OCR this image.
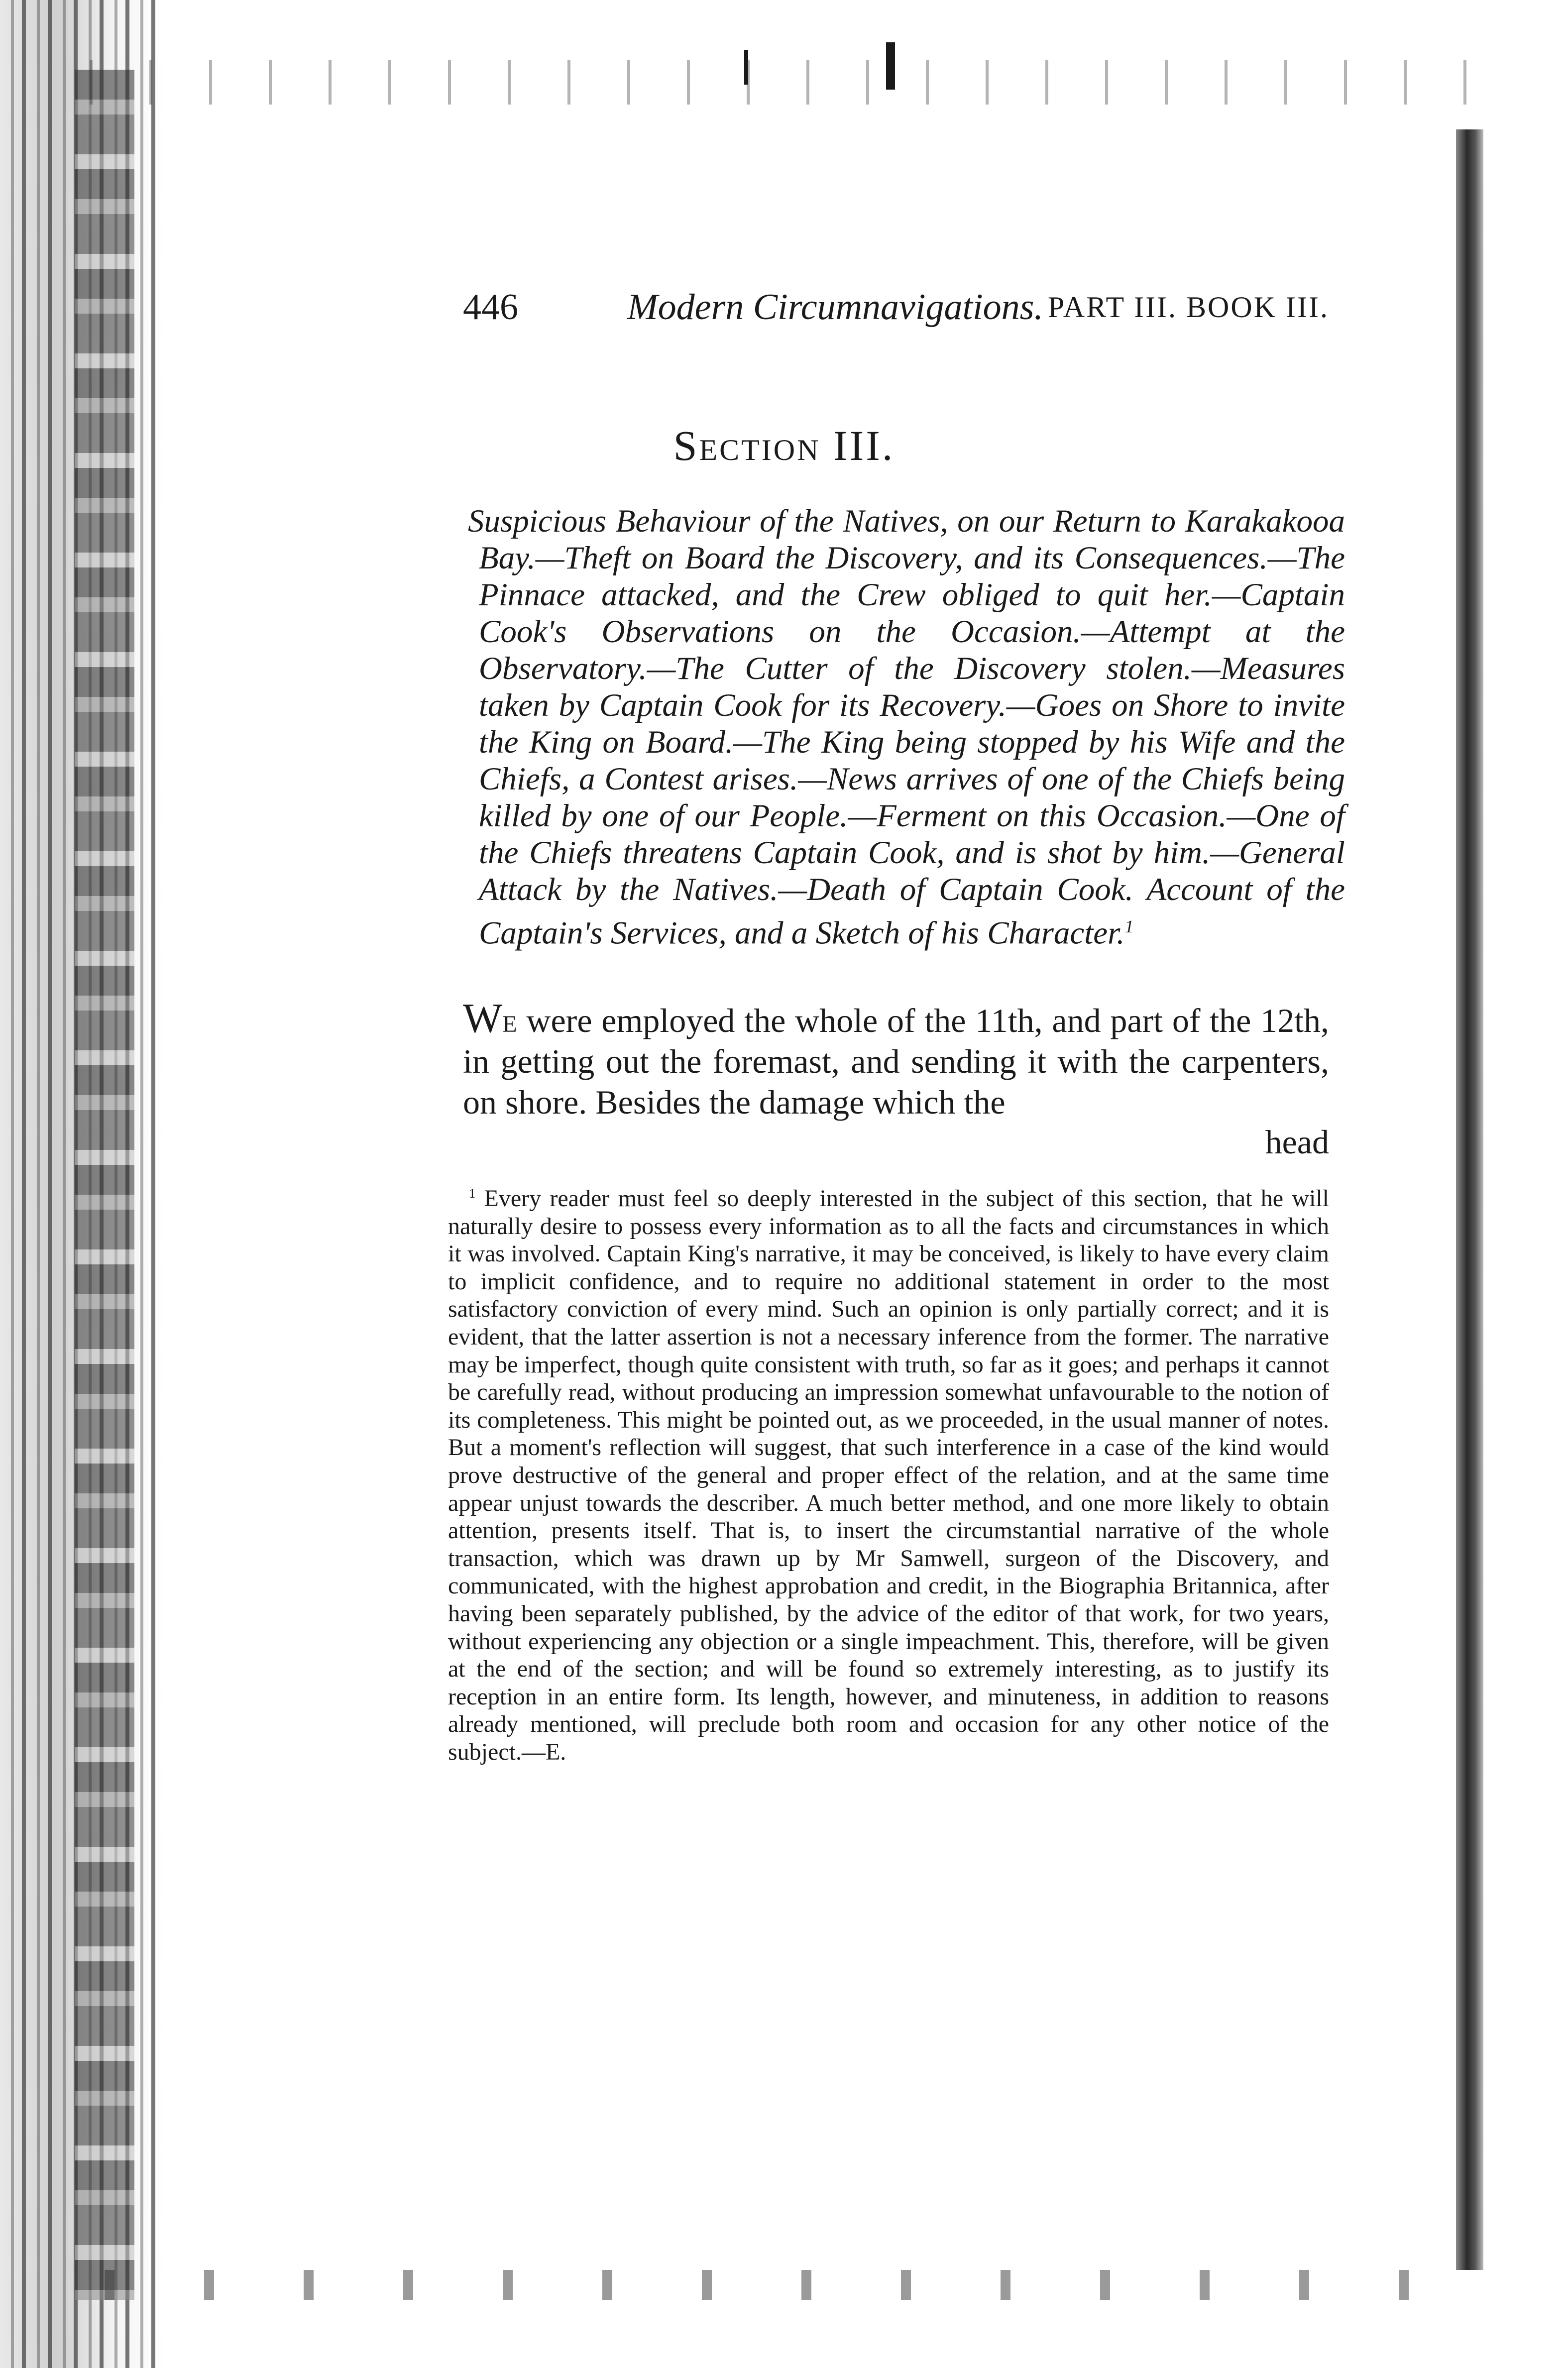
446	Modern Circumnavigations. PART III. BOOK III.
Section III.
Suspicious Behaviour of the Natives, on our Return to Karakakooa Bay.—Theft on Board the Discovery, and its Consequences.—The Pinnace attacked, and the Crew obliged to quit her.—Captain Cook's Observations on the Occasion.—Attempt at the Observatory.—The Cutter of the Discovery stolen.—Measures taken by Captain Cook for its Recovery.—Goes on Shore to invite the King on Board.—The King being stopped by his Wife and the Chiefs, a Contest arises.—News arrives of one of the Chiefs being killed by one of our People.—Ferment on this Occasion.—One of the Chiefs threatens Captain Cook, and is shot by him.—General Attack by the Natives.—Death of Captain Cook. Account of the Captain's Services, and a Sketch of his Character.$^1$
We were employed the whole of the 11th, and part of the 12th, in getting out the foremast, and sending it with the carpenters, on shore. Besides the damage which the
head
$^1$ Every reader must feel so deeply interested in the subject of this section, that he will naturally desire to possess every information as to all the facts and circumstances in which it was involved. Captain King's narrative, it may be conceived, is likely to have every claim to implicit confidence, and to require no additional statement in order to the most satisfactory conviction of every mind. Such an opinion is only partially correct; and it is evident, that the latter assertion is not a necessary inference from the former. The narrative may be imperfect, though quite consistent with truth, so far as it goes; and perhaps it cannot be carefully read, without producing an impression somewhat unfavourable to the notion of its completeness. This might be pointed out, as we proceeded, in the usual manner of notes. But a moment's reflection will suggest, that such interference in a case of the kind would prove destructive of the general and proper effect of the relation, and at the same time appear unjust towards the describer. A much better method, and one more likely to obtain attention, presents itself. That is, to insert the circumstantial narrative of the whole transaction, which was drawn up by Mr Samwell, surgeon of the Discovery, and communicated, with the highest approbation and credit, in the Biographia Britannica, after having been separately published, by the advice of the editor of that work, for two years, without experiencing any objection or a single impeachment. This, therefore, will be given at the end of the section; and will be found so extremely interesting, as to justify its reception in an entire form. Its length, however, and minuteness, in addition to reasons already mentioned, will preclude both room and occasion for any other notice of the subject.—E.
